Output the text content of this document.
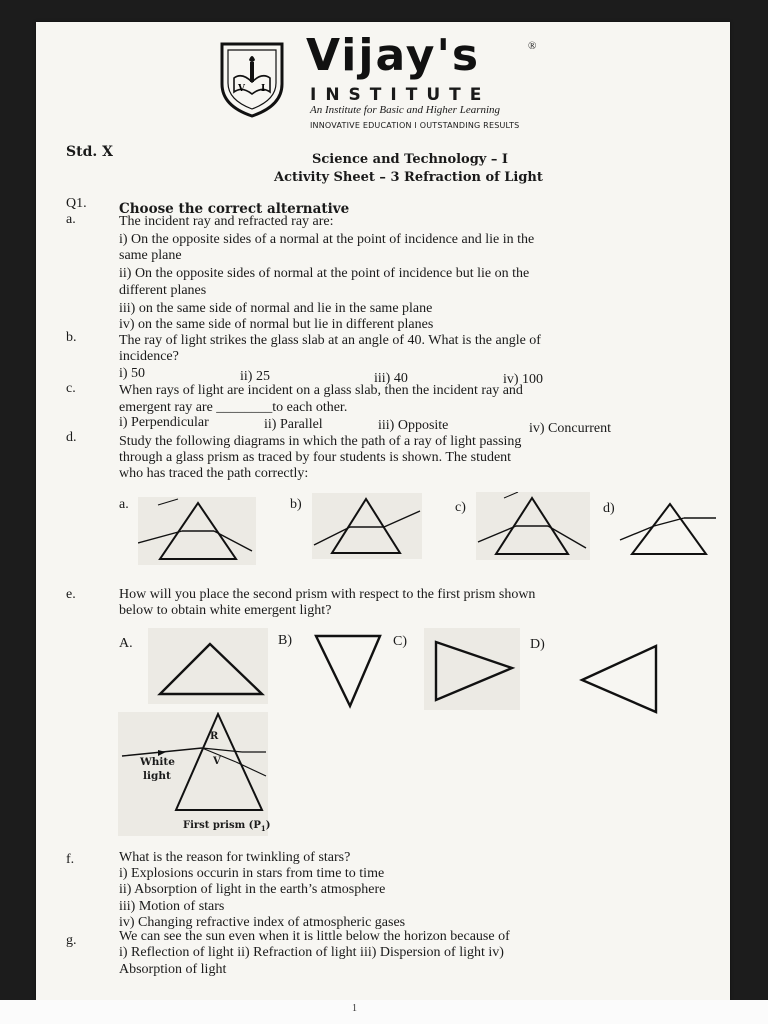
1
V I
Vijay's	®
INSTITUTE
An Institute for Basic and Higher Learning
INNOVATIVE EDUCATION I OUTSTANDING RESULTS
Std. X	Science and Technology – I
Activity Sheet – 3 Refraction of Light
Q1. Choose the correct alternative
a.	The incident ray and refracted ray are:
i) On the opposite sides of a normal at the point of incidence and lie in the
same plane
ii) On the opposite sides of normal at the point of incidence but lie on the
different planes
iii) on the same side of normal and lie in the same plane
iv) on the same side of normal but lie in different planes
b.	The ray of light strikes the glass slab at an angle of 40. What is the angle of
incidence?
i) 50	ii) 25	iii) 40	iv) 100
c.	When rays of light are incident on a glass slab, then the incident ray and
emergent ray are ________to each other.
i) Perpendicular	ii) Parallel	iii) Opposite	iv) Concurrent
d.	Study the following diagrams in which the path of a ray of light passing
through a glass prism as traced by four students is shown. The student
who has traced the path correctly:
a.	b)	c)	d)
e.	How will you place the second prism with respect to the first prism shown
below to obtain white emergent light?
A.	B)	C)	D)
R
V
White
light
First prism $(P_1)$
f.	What is the reason for twinkling of stars?
i) Explosions occurin in stars from time to time
ii) Absorption of light in the earth’s atmosphere
iii) Motion of stars
iv) Changing refractive index of atmospheric gases
g.	We can see the sun even when it is little below the horizon because of
i) Reflection of light ii) Refraction of light iii) Dispersion of light iv)
Absorption of light
